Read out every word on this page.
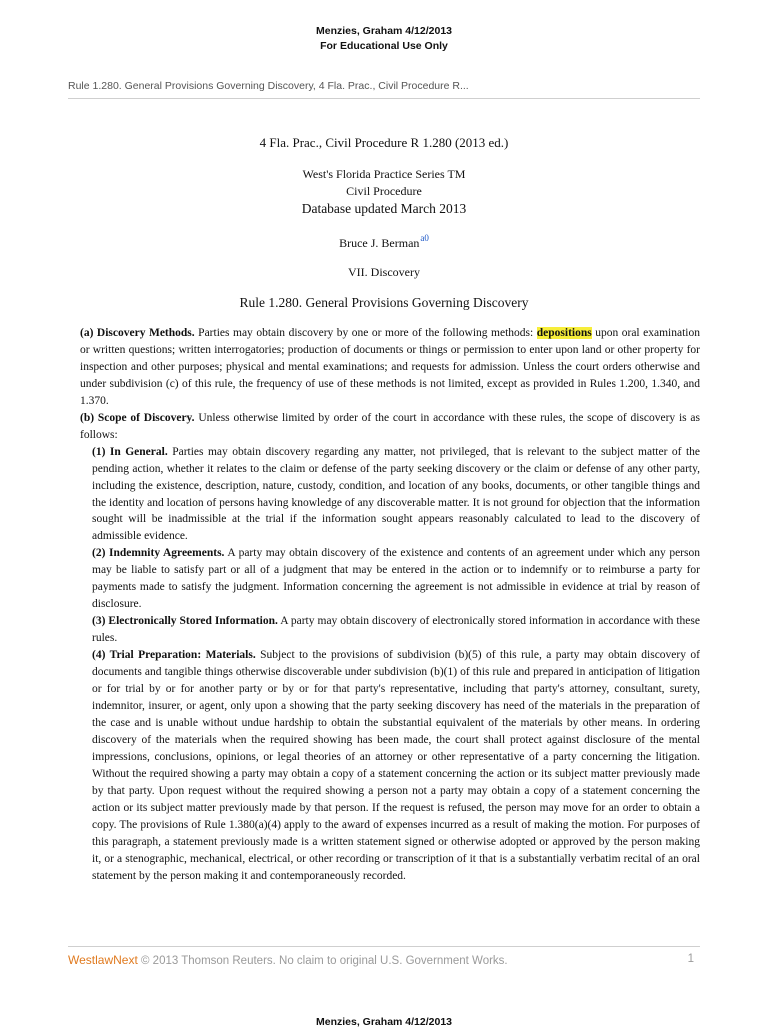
Menzies, Graham 4/12/2013
For Educational Use Only
Rule 1.280. General Provisions Governing Discovery, 4 Fla. Prac., Civil Procedure R...
4 Fla. Prac., Civil Procedure R 1.280 (2013 ed.)
West's Florida Practice Series TM
Civil Procedure
Database updated March 2013
Bruce J. Berman$^{a0}$
VII. Discovery
Rule 1.280. General Provisions Governing Discovery

(a) Discovery Methods. Parties may obtain discovery by one or more of the following methods: depositions upon oral examination or written questions; written interrogatories; production of documents or things or permission to enter upon land or other property for inspection and other purposes; physical and mental examinations; and requests for admission. Unless the court orders otherwise and under subdivision (c) of this rule, the frequency of use of these methods is not limited, except as provided in Rules 1.200, 1.340, and 1.370.

(b) Scope of Discovery. Unless otherwise limited by order of the court in accordance with these rules, the scope of discovery is as follows:

(1) In General. Parties may obtain discovery regarding any matter, not privileged, that is relevant to the subject matter of the pending action, whether it relates to the claim or defense of the party seeking discovery or the claim or defense of any other party, including the existence, description, nature, custody, condition, and location of any books, documents, or other tangible things and the identity and location of persons having knowledge of any discoverable matter. It is not ground for objection that the information sought will be inadmissible at the trial if the information sought appears reasonably calculated to lead to the discovery of admissible evidence.

(2) Indemnity Agreements. A party may obtain discovery of the existence and contents of an agreement under which any person may be liable to satisfy part or all of a judgment that may be entered in the action or to indemnify or to reimburse a party for payments made to satisfy the judgment. Information concerning the agreement is not admissible in evidence at trial by reason of disclosure.

(3) Electronically Stored Information. A party may obtain discovery of electronically stored information in accordance with these rules.

(4) Trial Preparation: Materials. Subject to the provisions of subdivision (b)(5) of this rule, a party may obtain discovery of documents and tangible things otherwise discoverable under subdivision (b)(1) of this rule and prepared in anticipation of litigation or for trial by or for another party or by or for that party's representative, including that party's attorney, consultant, surety, indemnitor, insurer, or agent, only upon a showing that the party seeking discovery has need of the materials in the preparation of the case and is unable without undue hardship to obtain the substantial equivalent of the materials by other means. In ordering discovery of the materials when the required showing has been made, the court shall protect against disclosure of the mental impressions, conclusions, opinions, or legal theories of an attorney or other representative of a party concerning the litigation. Without the required showing a party may obtain a copy of a statement concerning the action or its subject matter previously made by that party. Upon request without the required showing a person not a party may obtain a copy of a statement concerning the action or its subject matter previously made by that person. If the request is refused, the person may move for an order to obtain a copy. The provisions of Rule 1.380(a)(4) apply to the award of expenses incurred as a result of making the motion. For purposes of this paragraph, a statement previously made is a written statement signed or otherwise adopted or approved by the person making it, or a stenographic, mechanical, electrical, or other recording or transcription of it that is a substantially verbatim recital of an oral statement by the person making it and contemporaneously recorded.

WestlawNext © 2013 Thomson Reuters. No claim to original U.S. Government Works.	1
Menzies, Graham 4/12/2013
